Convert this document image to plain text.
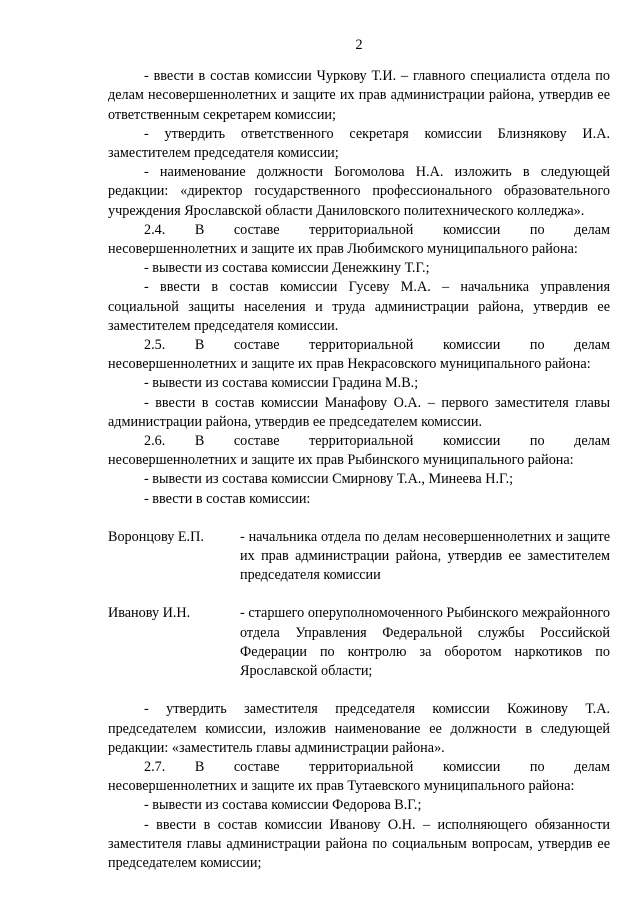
2

- ввести в состав комиссии Чуркову Т.И. – главного специалиста отдела по делам несовершеннолетних и защите их прав администрации района, утвердив ее ответственным секретарем комиссии;

- утвердить ответственного секретаря комиссии Близнякову И.А. заместителем председателя комиссии;

- наименование должности Богомолова Н.А. изложить в следующей редакции: «директор государственного профессионального образовательного учреждения Ярославской области Даниловского политехнического колледжа».

2.4. В составе территориальной комиссии по делам
несовершеннолетних и защите их прав Любимского муниципального района:

- вывести из состава комиссии Денежкину Т.Г.;

- ввести в состав комиссии Гусеву М.А. – начальника управления социальной защиты населения и труда администрации района, утвердив ее заместителем председателя комиссии.

2.5. В составе территориальной комиссии по делам
несовершеннолетних и защите их прав Некрасовского муниципального района:

- вывести из состава комиссии Градина М.В.;

- ввести в состав комиссии Манафову О.А. – первого заместителя главы администрации района, утвердив ее председателем комиссии.

2.6. В составе территориальной комиссии по делам
несовершеннолетних и защите их прав Рыбинского муниципального района:

- вывести из состава комиссии Смирнову Т.А., Минеева Н.Г.;

- ввести в состав комиссии:

Воронцову Е.П.	- начальника отдела по делам несовершеннолетних и защите их прав администрации района, утвердив ее заместителем председателя комиссии
Иванову И.Н.	- старшего оперуполномоченного Рыбинского межрайонного отдела Управления Федеральной службы Российской Федерации по контролю за оборотом наркотиков по Ярославской области;

- утвердить заместителя председателя комиссии Кожинову Т.А. председателем комиссии, изложив наименование ее должности в следующей редакции: «заместитель главы администрации района».

2.7. В составе территориальной комиссии по делам
несовершеннолетних и защите их прав Тутаевского муниципального района:

- вывести из состава комиссии Федорова В.Г.;

- ввести в состав комиссии Иванову О.Н. – исполняющего обязанности заместителя главы администрации района по социальным вопросам, утвердив ее председателем комиссии;
